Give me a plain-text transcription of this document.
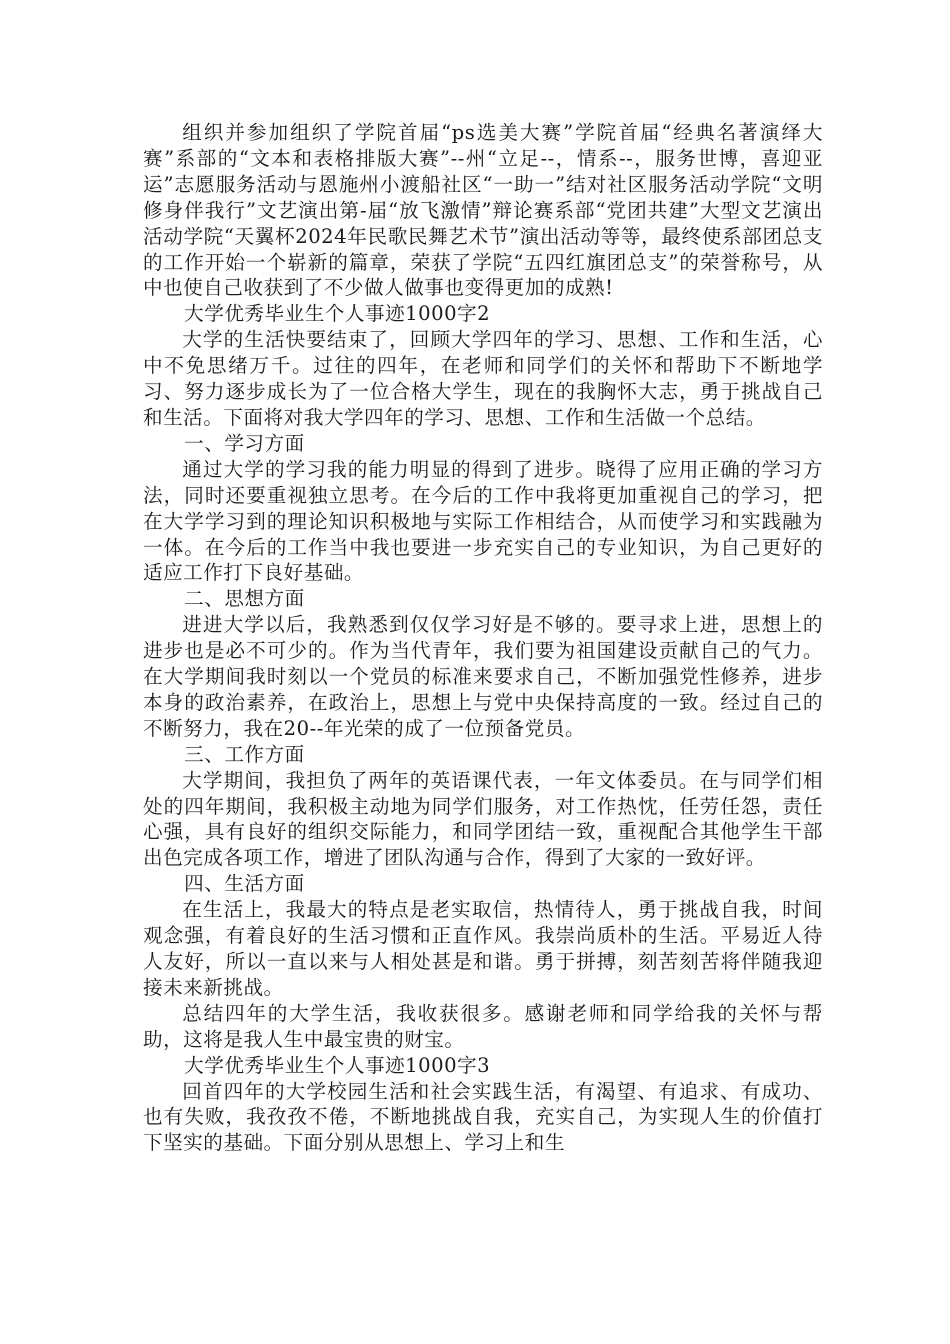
组织并参加组织了学院首届“ps选美大赛”学院首届“经典名著演绎大赛”系部的“文本和表格排版大赛”--州“立足--，情系--，服务世博，喜迎亚运”志愿服务活动与恩施州小渡船社区“一助一”结对社区服务活动学院“文明修身伴我行”文艺演出第-届“放飞激情”辩论赛系部“党团共建”大型文艺演出活动学院“天翼杯2024年民歌民舞艺术节”演出活动等等，最终使系部团总支的工作开始一个崭新的篇章，荣获了学院“五四红旗团总支”的荣誉称号，从中也使自己收获到了不少做人做事也变得更加的成熟!

大学优秀毕业生个人事迹1000字2

大学的生活快要结束了，回顾大学四年的学习、思想、工作和生活，心中不免思绪万千。过往的四年，在老师和同学们的关怀和帮助下不断地学习、努力逐步成长为了一位合格大学生，现在的我胸怀大志，勇于挑战自己和生活。下面将对我大学四年的学习、思想、工作和生活做一个总结。

一、学习方面

通过大学的学习我的能力明显的得到了进步。晓得了应用正确的学习方法，同时还要重视独立思考。在今后的工作中我将更加重视自己的学习，把在大学学习到的理论知识积极地与实际工作相结合，从而使学习和实践融为一体。在今后的工作当中我也要进一步充实自己的专业知识，为自己更好的适应工作打下良好基础。

二、思想方面

进进大学以后，我熟悉到仅仅学习好是不够的。要寻求上进，思想上的进步也是必不可少的。作为当代青年，我们要为祖国建设贡献自己的气力。在大学期间我时刻以一个党员的标准来要求自己，不断加强党性修养，进步本身的政治素养，在政治上，思想上与党中央保持高度的一致。经过自己的不断努力，我在20--年光荣的成了一位预备党员。

三、工作方面

大学期间，我担负了两年的英语课代表，一年文体委员。在与同学们相处的四年期间，我积极主动地为同学们服务，对工作热忱，任劳任怨，责任心强，具有良好的组织交际能力，和同学团结一致，重视配合其他学生干部出色完成各项工作，增进了团队沟通与合作，得到了大家的一致好评。

四、生活方面

在生活上，我最大的特点是老实取信，热情待人，勇于挑战自我，时间观念强，有着良好的生活习惯和正直作风。我崇尚质朴的生活。平易近人待人友好，所以一直以来与人相处甚是和谐。勇于拼搏，刻苦刻苦将伴随我迎接未来新挑战。

总结四年的大学生活，我收获很多。感谢老师和同学给我的关怀与帮助，这将是我人生中最宝贵的财宝。

大学优秀毕业生个人事迹1000字3

回首四年的大学校园生活和社会实践生活，有渴望、有追求、有成功、也有失败，我孜孜不倦，不断地挑战自我，充实自己，为实现人生的价值打下坚实的基础。下面分别从思想上、学习上和生
